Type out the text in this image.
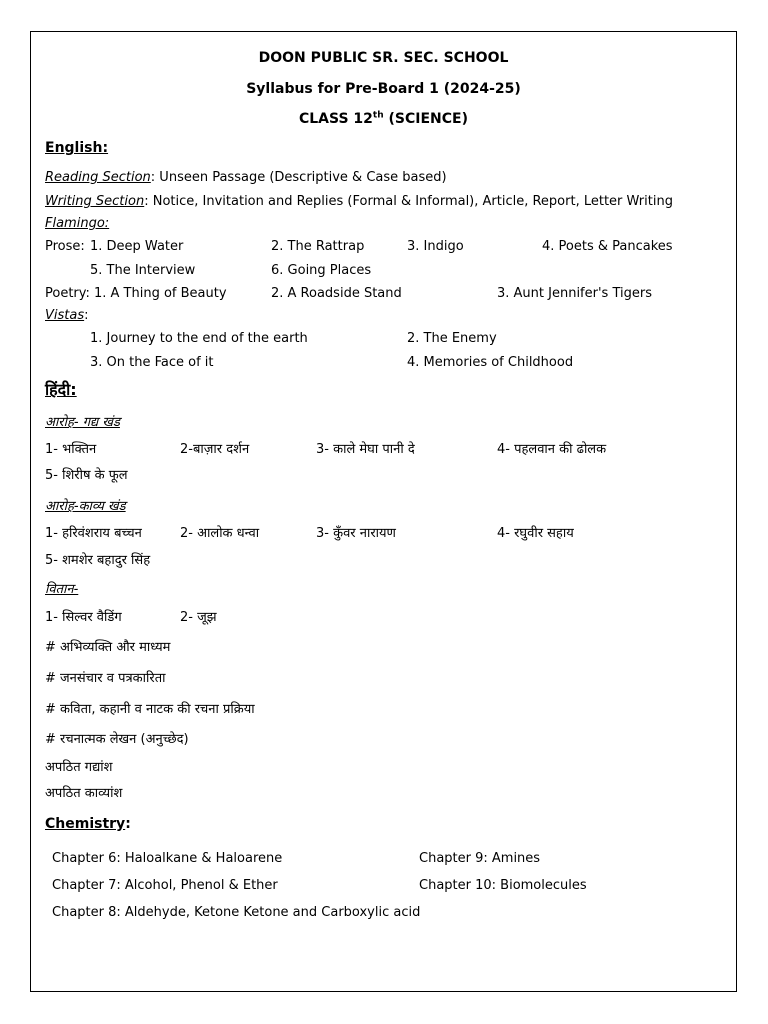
DOON PUBLIC SR. SEC. SCHOOL
Syllabus for Pre-Board 1 (2024-25)
CLASS 12th (SCIENCE)
English:
Reading Section: Unseen Passage (Descriptive & Case based)
Writing Section: Notice, Invitation and Replies (Formal & Informal), Article, Report, Letter Writing
Flamingo:
Prose: 1. Deep Water	2. The Rattrap	3. Indigo	4. Poets & Pancakes
5. The Interview	6. Going Places
Poetry: 1. A Thing of Beauty	2. A Roadside Stand	3. Aunt Jennifer's Tigers
Vistas:
1. Journey to the end of the earth	2. The Enemy
3. On the Face of it	4. Memories of Childhood
हिंदी:
आरोह- गद्य खंड
1- भक्तिन	2-बाज़ार दर्शन	3- काले मेघा पानी दे	4- पहलवान की ढोलक
5- शिरीष के फूल
आरोह-काव्य खंड
1- हरिवंशराय बच्चन	2- आलोक धन्वा	3- कुँवर नारायण	4- रघुवीर सहाय
5- शमशेर बहादुर सिंह
वितान-
1- सिल्वर वैडिंग	2- जूझ
# अभिव्यक्ति और माध्यम
# जनसंचार व पत्रकारिता
# कविता, कहानी व नाटक की रचना प्रक्रिया
# रचनात्मक लेखन (अनुच्छेद)
अपठित गद्यांश
अपठित काव्यांश
Chemistry:
Chapter 6: Haloalkane & Haloarene	Chapter 9: Amines
Chapter 7: Alcohol, Phenol & Ether	Chapter 10: Biomolecules
Chapter 8: Aldehyde, Ketone Ketone and Carboxylic acid
